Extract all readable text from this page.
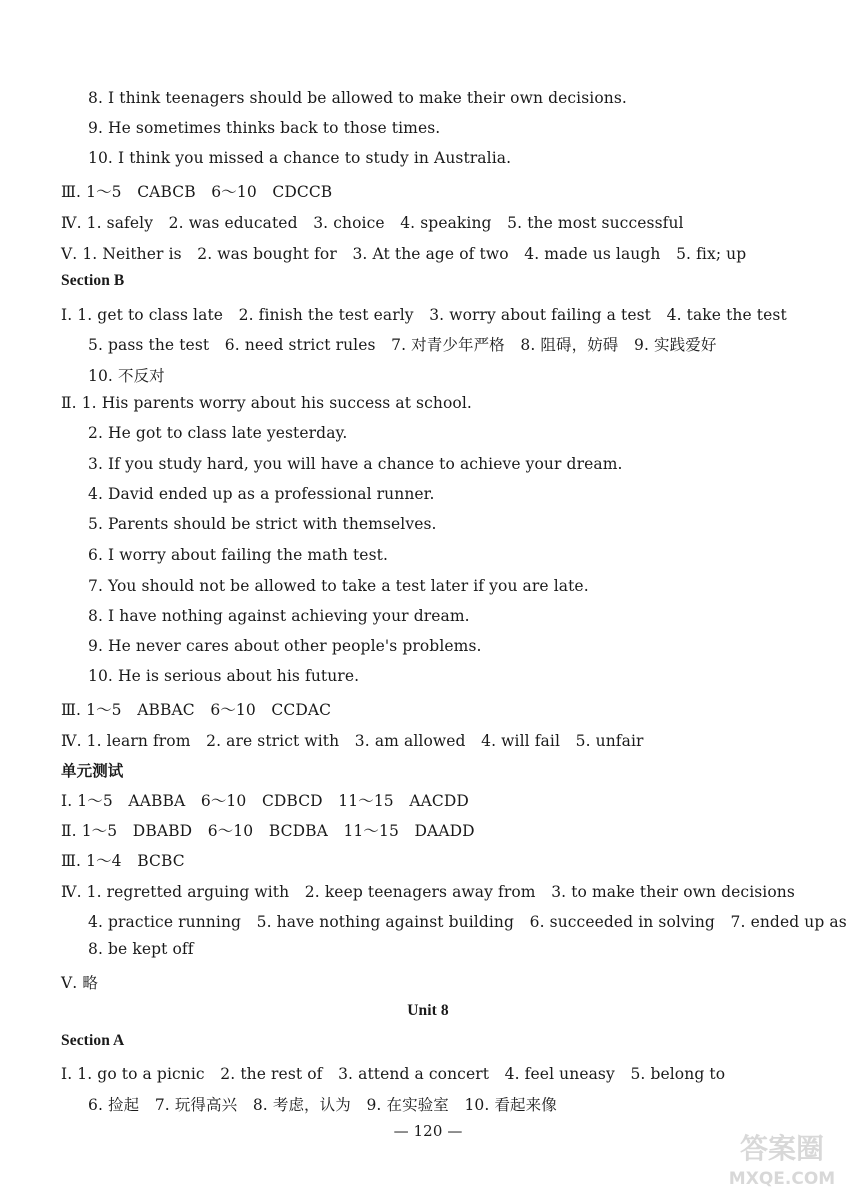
8. I think teenagers should be allowed to make their own decisions.
9. He sometimes thinks back to those times.
10. I think you missed a chance to study in Australia.
Ⅲ. 1～5　CABCB　6～10　CDCCB
Ⅳ. 1. safely　2. was educated　3. choice　4. speaking　5. the most successful
Ⅴ. 1. Neither is　2. was bought for　3. At the age of two　4. made us laugh　5. fix; up
Section B
Ⅰ. 1. get to class late　2. finish the test early　3. worry about failing a test　4. take the test
5. pass the test　6. need strict rules　7. 对青少年严格　8. 阻碍，妨碍　9. 实践爱好
10. 不反对
Ⅱ. 1. His parents worry about his success at school.
2. He got to class late yesterday.
3. If you study hard, you will have a chance to achieve your dream.
4. David ended up as a professional runner.
5. Parents should be strict with themselves.
6. I worry about failing the math test.
7. You should not be allowed to take a test later if you are late.
8. I have nothing against achieving your dream.
9. He never cares about other people's problems.
10. He is serious about his future.
Ⅲ. 1～5　ABBAC　6～10　CCDAC
Ⅳ. 1. learn from　2. are strict with　3. am allowed　4. will fail　5. unfair
单元测试
Ⅰ. 1～5　AABBA　6～10　CDBCD　11～15　AACDD
Ⅱ. 1～5　DBABD　6～10　BCDBA　11～15　DAADD
Ⅲ. 1～4　BCBC
Ⅳ. 1. regretted arguing with　2. keep teenagers away from　3. to make their own decisions
4. practice running　5. have nothing against building　6. succeeded in solving　7. ended up as
8. be kept off
Ⅴ. 略
Unit 8
Section A
Ⅰ. 1. go to a picnic　2. the rest of　3. attend a concert　4. feel uneasy　5. belong to
6. 捡起　7. 玩得高兴　8. 考虑，认为　9. 在实验室　10. 看起来像
— 120 —
答案圈
MXQE.COM
